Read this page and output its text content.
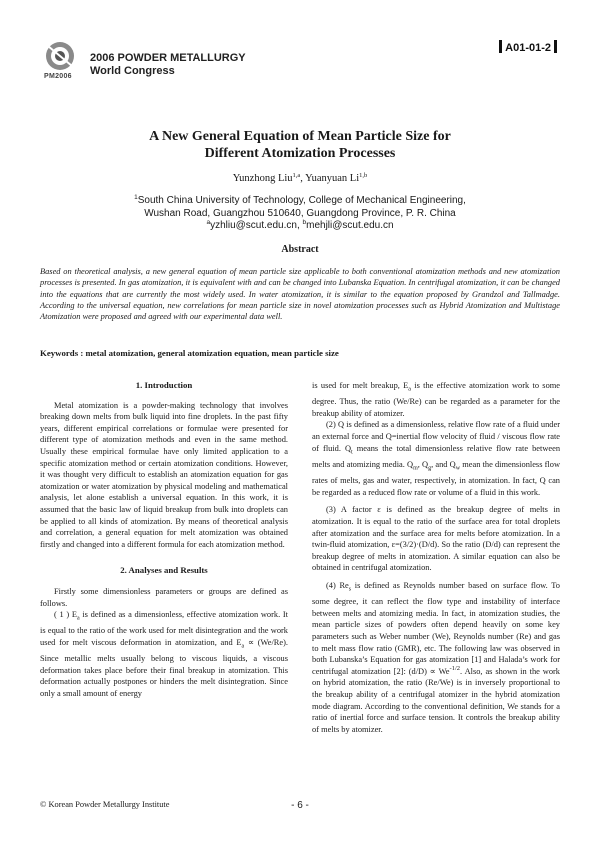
PM2006
2006 POWDER METALLURGY
World Congress
A01-01-2
A New General Equation of Mean Particle Size for
Different Atomization Processes
Yunzhong Liu$^{1,a}$, Yuanyuan Li$^{1,b}$
$^1$South China University of Technology, College of Mechanical Engineering,
Wushan Road, Guangzhou 510640, Guangdong Province, P. R. China
$^a$yzhliu@scut.edu.cn, $^b$mehjli@scut.edu.cn
Abstract
Based on theoretical analysis, a new general equation of mean particle size applicable to both conventional atomization methods and new atomization processes is presented. In gas atomization, it is equivalent with and can be changed into Lubanska Equation. In centrifugal atomization, it can be changed into the equations that are currently the most widely used. In water atomization, it is similar to the equation proposed by Grandzol and Tallmadge. According to the universal equation, new correlations for mean particle size in novel atomization processes such as Hybrid Atomization and Multistage Atomization were proposed and agreed with our experimental data well.
Keywords : metal atomization, general atomization equation, mean particle size

1. Introduction

Metal atomization is a powder-making technology that involves breaking down melts from bulk liquid into fine droplets. In the past fifty years, different empirical correlations or formulae were presented for different type of atomization methods and even in the same method. Usually these empirical formulae have only limited application to a specific atomization method or certain atomization conditions. However, it was thought very difficult to establish an atomization equation for gas atomization or water atomization by physical modeling and mathematical analysis, let alone establish a universal equation. In this work, it is assumed that the basic law of liquid breakup from bulk into droplets can be applied to all kinds of atomization. By means of theoretical analysis and correlation, a general equation for melt atomization was obtained firstly and changed into a different formula for each atomization method.

2. Analyses and Results

Firstly some dimensionless parameters or groups are defined as follows.

( 1 ) $E_a$ is defined as a dimensionless, effective atomization work. It is equal to the ratio of the work used for melt disintegration and the work used for melt viscous deformation in atomization, and $E_a \propto (We/Re)$. Since metallic melts usually belong to viscous liquids, a viscous deformation takes place before their final breakup in atomization. This deformation actually postpones or hinders the melt disintegration. Since only a small amount of energy

is used for melt breakup, $E_a$ is the effective atomization work to some degree. Thus, the ratio (We/Re) can be regarded as a parameter for the breakup ability of atomizer.

(2) Q is defined as a dimensionless, relative flow rate of a fluid under an external force and Q=inertial flow velocity of fluid / viscous flow rate of fluid. $Q_t$ means the total dimensionless relative flow rate between melts and atomizing media. $Q_m$, $Q_g$, and $Q_w$ mean the dimensionless flow rates of melts, gas and water, respectively, in atomization. In fact, Q can be regarded as a reduced flow rate or volume of a fluid in this work.

(3) A factor ε is defined as the breakup degree of melts in atomization. It is equal to the ratio of the surface area for total droplets after atomization and the surface area for melts before atomization. In a twin-fluid atomization, ε=(3/2)·(D/d). So the ratio (D/d) can represent the breakup degree of melts in atomization. A similar equation can also be obtained in centrifugal atomization.

(4) $Re_s$ is defined as Reynolds number based on surface flow. To some degree, it can reflect the flow type and instability of interface between melts and atomizing media. In fact, in atomization studies, the mean particle sizes of powders often depend heavily on some key parameters such as Weber number (We), Reynolds number (Re) and gas to melt mass flow ratio (GMR), etc. The following law was observed in both Lubanska’s Equation for gas atomization [1] and Halada’s work for centrifugal atomization [2]: $(d/D) \propto We^{-1/2}$. Also, as shown in the work on hybrid atomization, the ratio (Re/We) is in inversely proportional to the breakup ability of a centrifugal atomizer in the hybrid atomization mode diagram. According to the conventional definition, We stands for a ratio of inertial force and surface tension. It controls the breakup ability of melts by atomizer.

© Korean Powder Metallurgy Institute	- 6 -
